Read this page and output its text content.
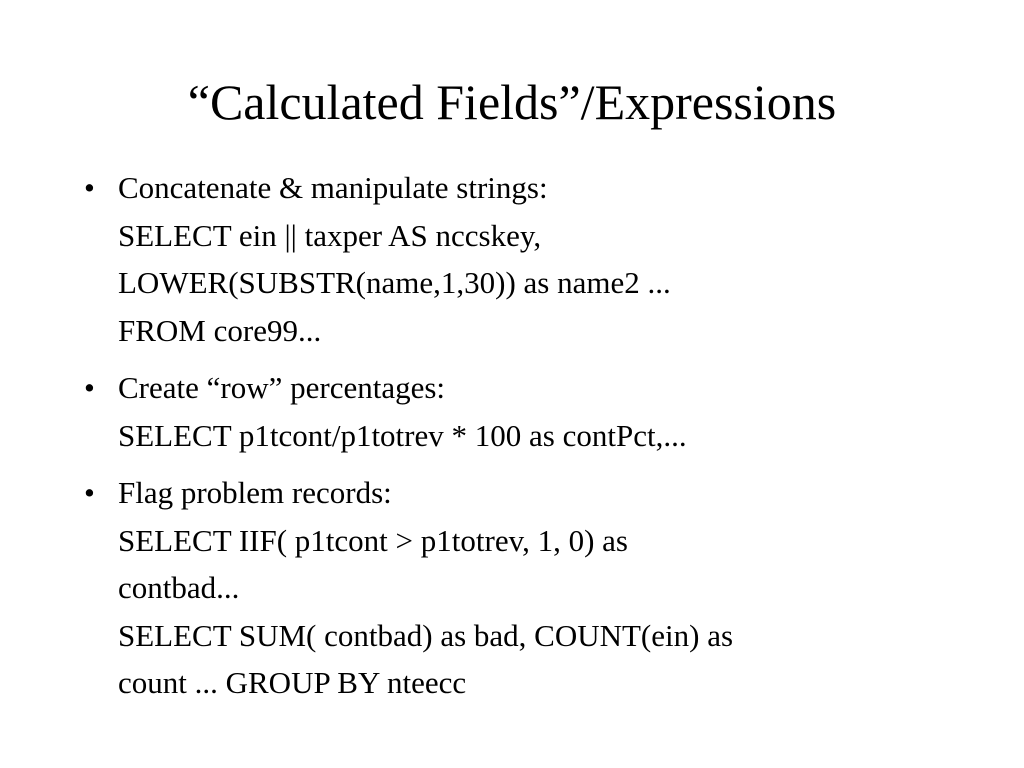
“Calculated Fields”/Expressions
• Concatenate & manipulate strings:
SELECT ein || taxper AS nccskey,
LOWER(SUBSTR(name,1,30)) as name2 ...
FROM core99...
• Create “row” percentages:
SELECT p1tcont/p1totrev * 100 as contPct,...
• Flag problem records:
SELECT IIF( p1tcont > p1totrev, 1, 0) as
contbad...
SELECT SUM( contbad) as bad, COUNT(ein) as
count ... GROUP BY nteecc
